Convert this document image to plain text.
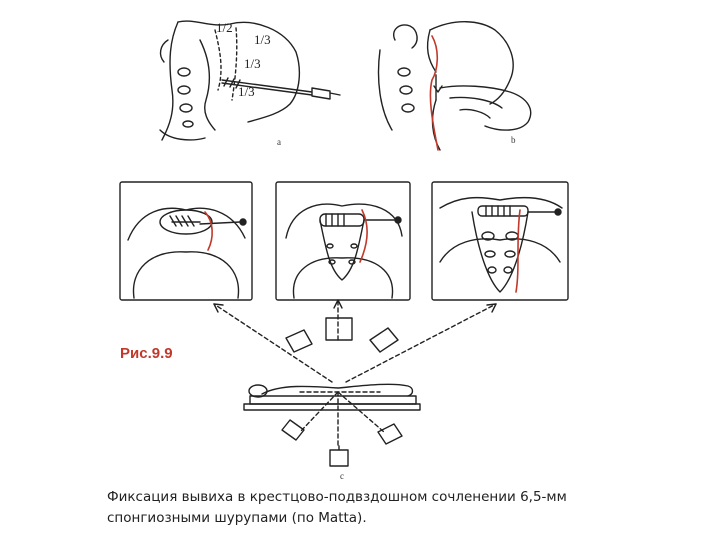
1/2
1/3
1/3
1/3
a	b
c
Рис.9.9
Фиксация вывиха в крестцово-подвздошном сочленении 6,5-мм спонгиозными шурупами (по Matta).
